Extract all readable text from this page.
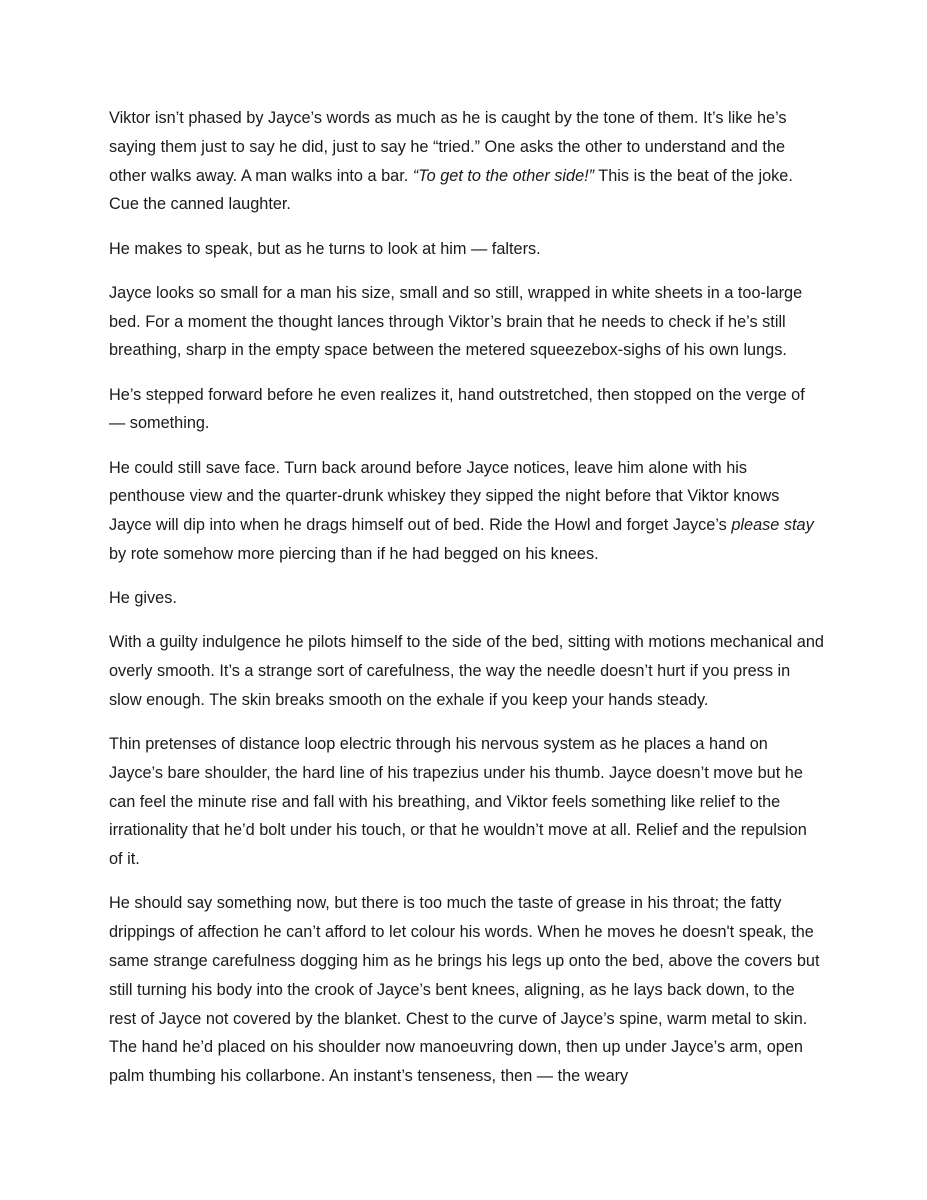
Viktor isn’t phased by Jayce’s words as much as he is caught by the tone of them. It’s like he’s saying them just to say he did, just to say he “tried.” One asks the other to understand and the other walks away. A man walks into a bar. “To get to the other side!” This is the beat of the joke. Cue the canned laughter.

He makes to speak, but as he turns to look at him — falters.

Jayce looks so small for a man his size, small and so still, wrapped in white sheets in a too-large bed. For a moment the thought lances through Viktor’s brain that he needs to check if he’s still breathing, sharp in the empty space between the metered squeezebox-sighs of his own lungs.

He’s stepped forward before he even realizes it, hand outstretched, then stopped on the verge of — something.

He could still save face. Turn back around before Jayce notices, leave him alone with his penthouse view and the quarter-drunk whiskey they sipped the night before that Viktor knows Jayce will dip into when he drags himself out of bed. Ride the Howl and forget Jayce’s please stay by rote somehow more piercing than if he had begged on his knees.

He gives.

With a guilty indulgence he pilots himself to the side of the bed, sitting with motions mechanical and overly smooth. It’s a strange sort of carefulness, the way the needle doesn’t hurt if you press in slow enough. The skin breaks smooth on the exhale if you keep your hands steady.

Thin pretenses of distance loop electric through his nervous system as he places a hand on Jayce’s bare shoulder, the hard line of his trapezius under his thumb. Jayce doesn’t move but he can feel the minute rise and fall with his breathing, and Viktor feels something like relief to the irrationality that he’d bolt under his touch, or that he wouldn’t move at all. Relief and the repulsion of it.

He should say something now, but there is too much the taste of grease in his throat; the fatty drippings of affection he can’t afford to let colour his words. When he moves he doesn't speak, the same strange carefulness dogging him as he brings his legs up onto the bed, above the covers but still turning his body into the crook of Jayce’s bent knees, aligning, as he lays back down, to the rest of Jayce not covered by the blanket. Chest to the curve of Jayce’s spine, warm metal to skin. The hand he’d placed on his shoulder now manoeuvring down, then up under Jayce’s arm, open palm thumbing his collarbone. An instant’s tenseness, then — the weary
